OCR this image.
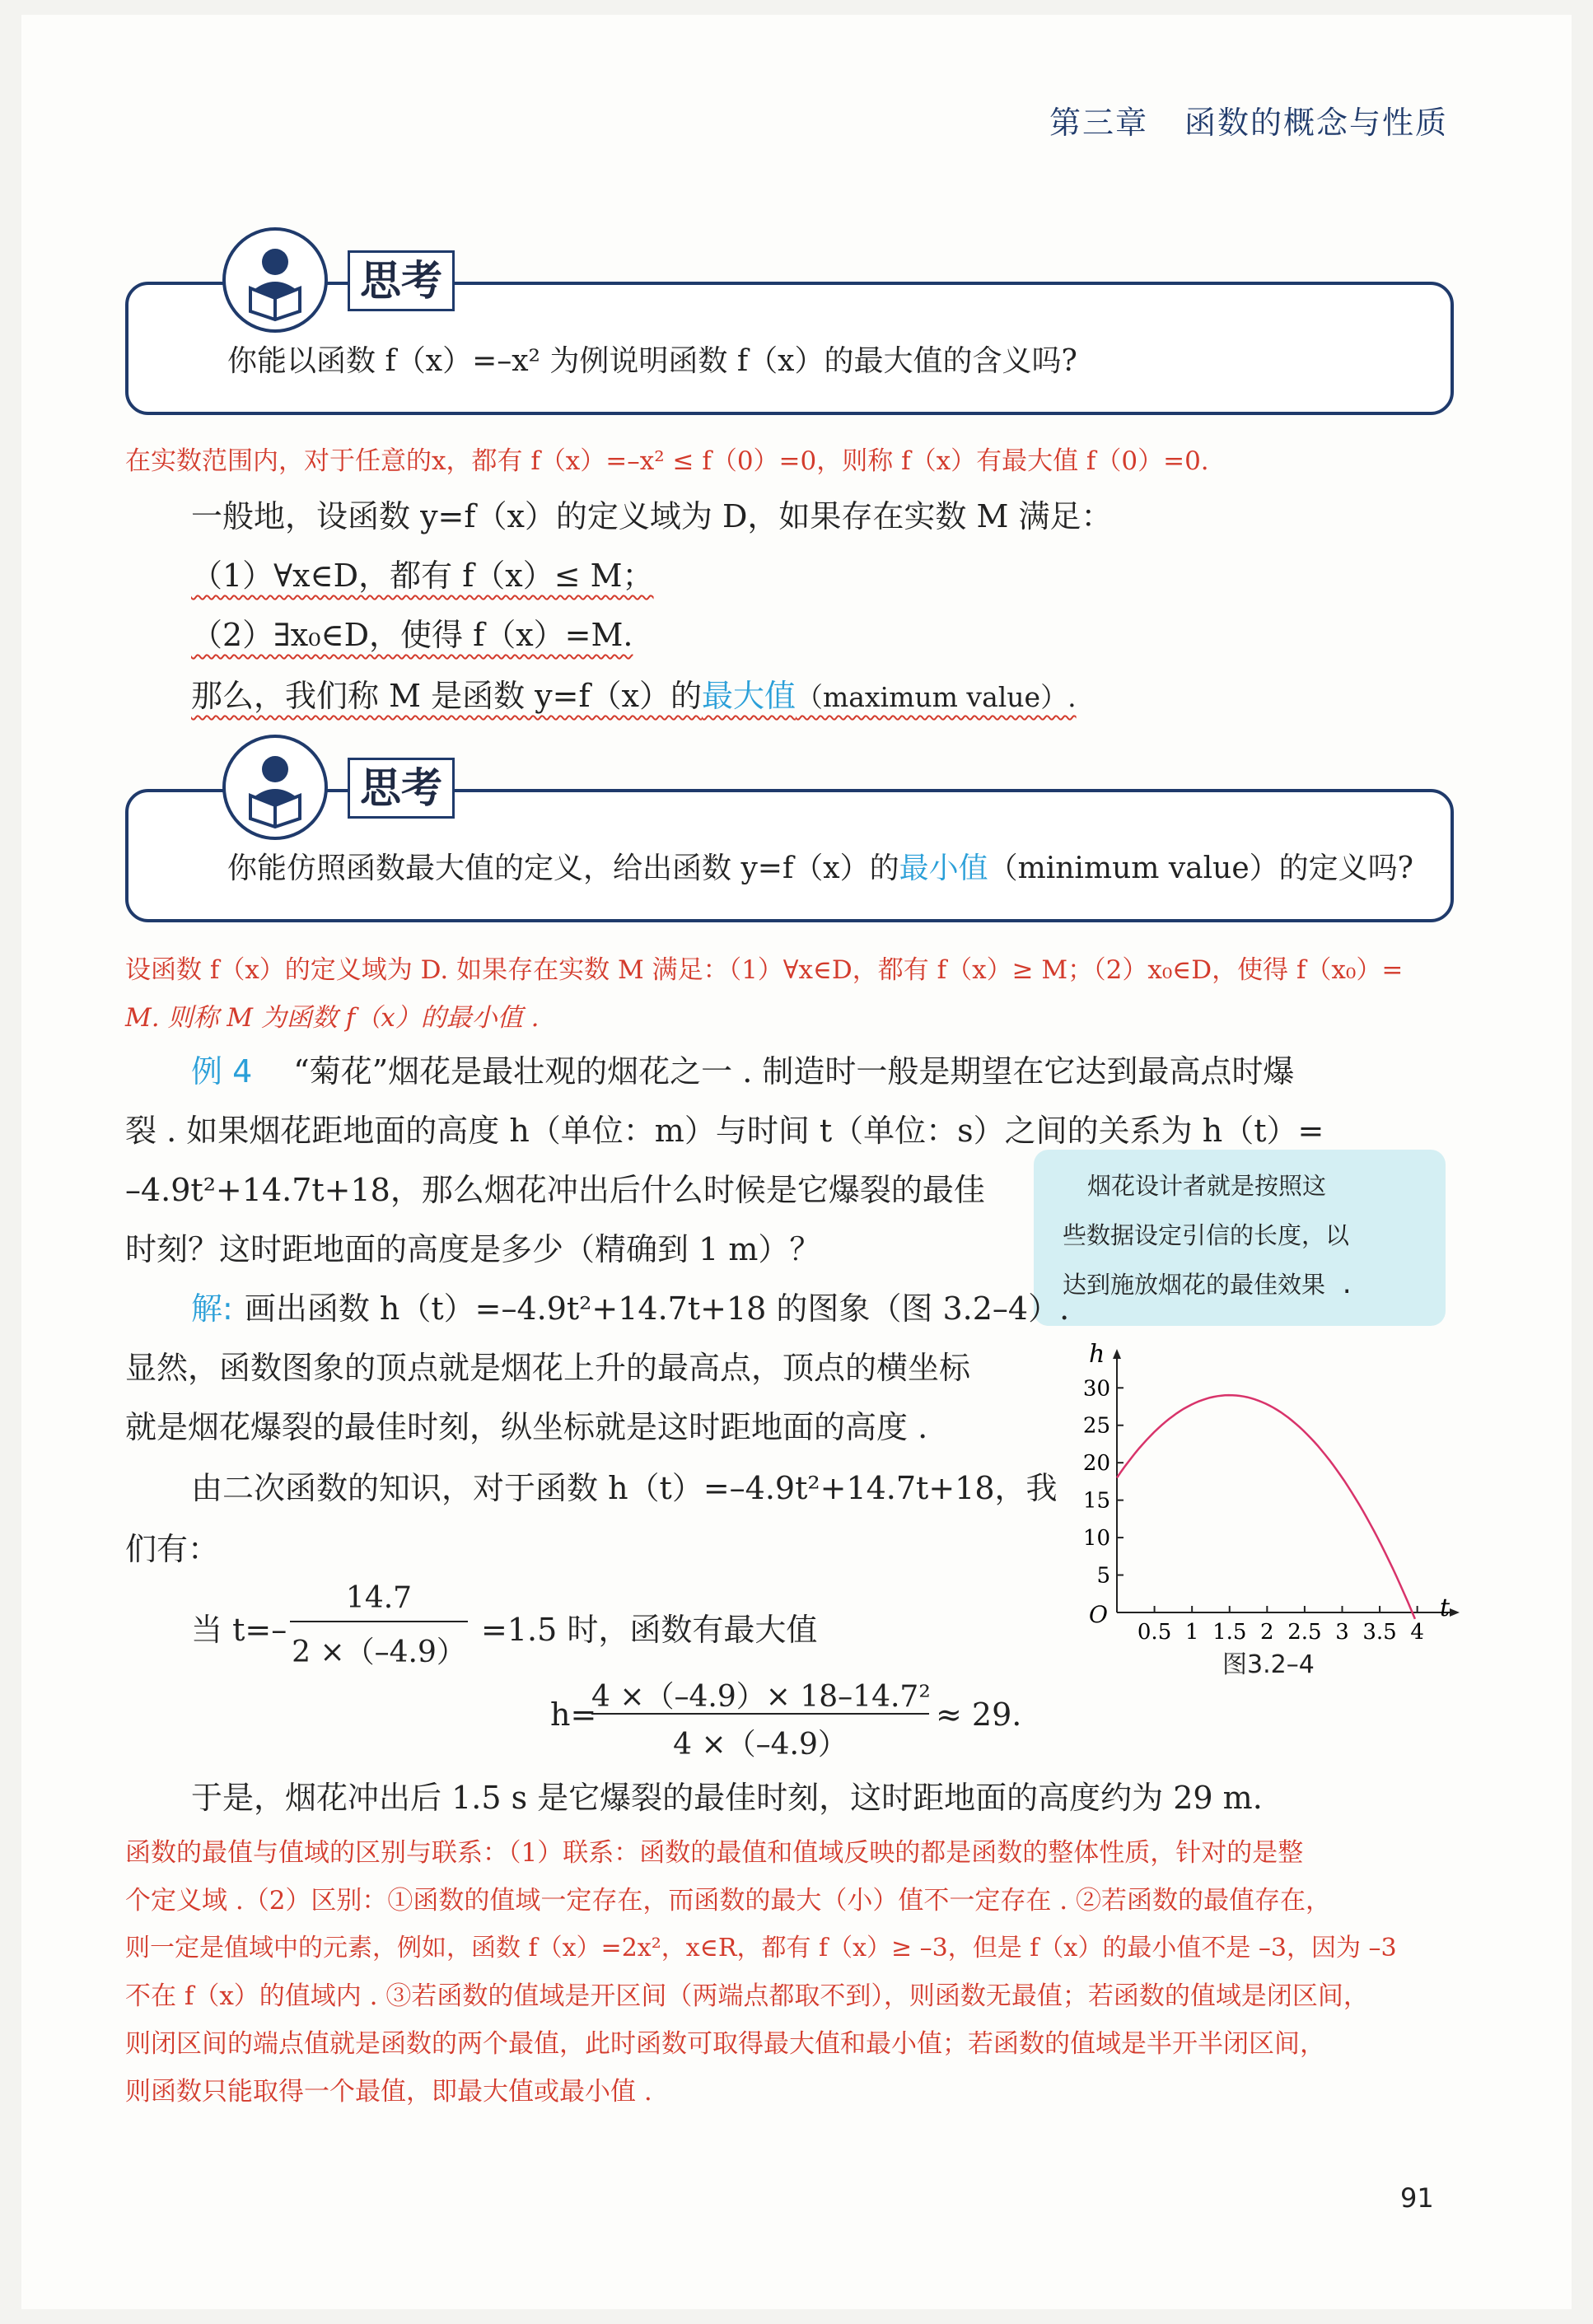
第三章 函数的概念与性质
思考
你能以函数 f（x）=–x² 为例说明函数 f（x）的最大值的含义吗?
在实数范围内，对于任意的x，都有 f（x）=–x² ≤ f（0）=0，则称 f（x）有最大值 f（0）=0.
一般地，设函数 y=f（x）的定义域为 D，如果存在实数 M 满足：
（1）∀x∈D，都有 f（x）≤ M；
（2）∃x₀∈D，使得 f（x）=M.
那么，我们称 M 是函数 y=f（x）的最大值（maximum value）.
思考
你能仿照函数最大值的定义，给出函数 y=f（x）的最小值（minimum value）的定义吗?
设函数 f（x）的定义域为 D. 如果存在实数 M 满足：（1）∀x∈D，都有 f（x）≥ M；（2）x₀∈D，使得 f（x₀）=
M. 则称 M 为函数 f（x）的最小值 .
例 4 “菊花”烟花是最壮观的烟花之一 . 制造时一般是期望在它达到最高点时爆
裂 . 如果烟花距地面的高度 h（单位：m）与时间 t（单位：s）之间的关系为 h（t）=
–4.9t²+14.7t+18，那么烟花冲出后什么时候是它爆裂的最佳
时刻？这时距地面的高度是多少（精确到 1 m）？
烟花设计者就是按照这
些数据设定引信的长度，以
达到施放烟花的最佳效果 .
解: 画出函数 h（t）=–4.9t²+14.7t+18 的图象（图 3.2–4）.
显然，函数图象的顶点就是烟花上升的最高点，顶点的横坐标
就是烟花爆裂的最佳时刻，纵坐标就是这时距地面的高度 .
由二次函数的知识，对于函数 h（t）=–4.9t²+14.7t+18，我
们有：
当 t=–
14.7
2 ×（–4.9）
=1.5 时，函数有最大值
h=
4 ×（–4.9）× 18–14.7²
4 ×（–4.9）
≈ 29.
于是，烟花冲出后 1.5 s 是它爆裂的最佳时刻，这时距地面的高度约为 29 m.
h
t
O
0.5 1 1.5 2 2.5 3 3.5 4
5
10
15
20
25
30
图3.2–4
函数的最值与值域的区别与联系：（1）联系：函数的最值和值域反映的都是函数的整体性质，针对的是整
个定义域 .（2）区别：①函数的值域一定存在，而函数的最大（小）值不一定存在 . ②若函数的最值存在，
则一定是值域中的元素，例如，函数 f（x）=2x²，x∈R，都有 f（x）≥ –3，但是 f（x）的最小值不是 –3，因为 –3
不在 f（x）的值域内 . ③若函数的值域是开区间（两端点都取不到），则函数无最值；若函数的值域是闭区间，
则闭区间的端点值就是函数的两个最值，此时函数可取得最大值和最小值；若函数的值域是半开半闭区间，
则函数只能取得一个最值，即最大值或最小值 .
91
